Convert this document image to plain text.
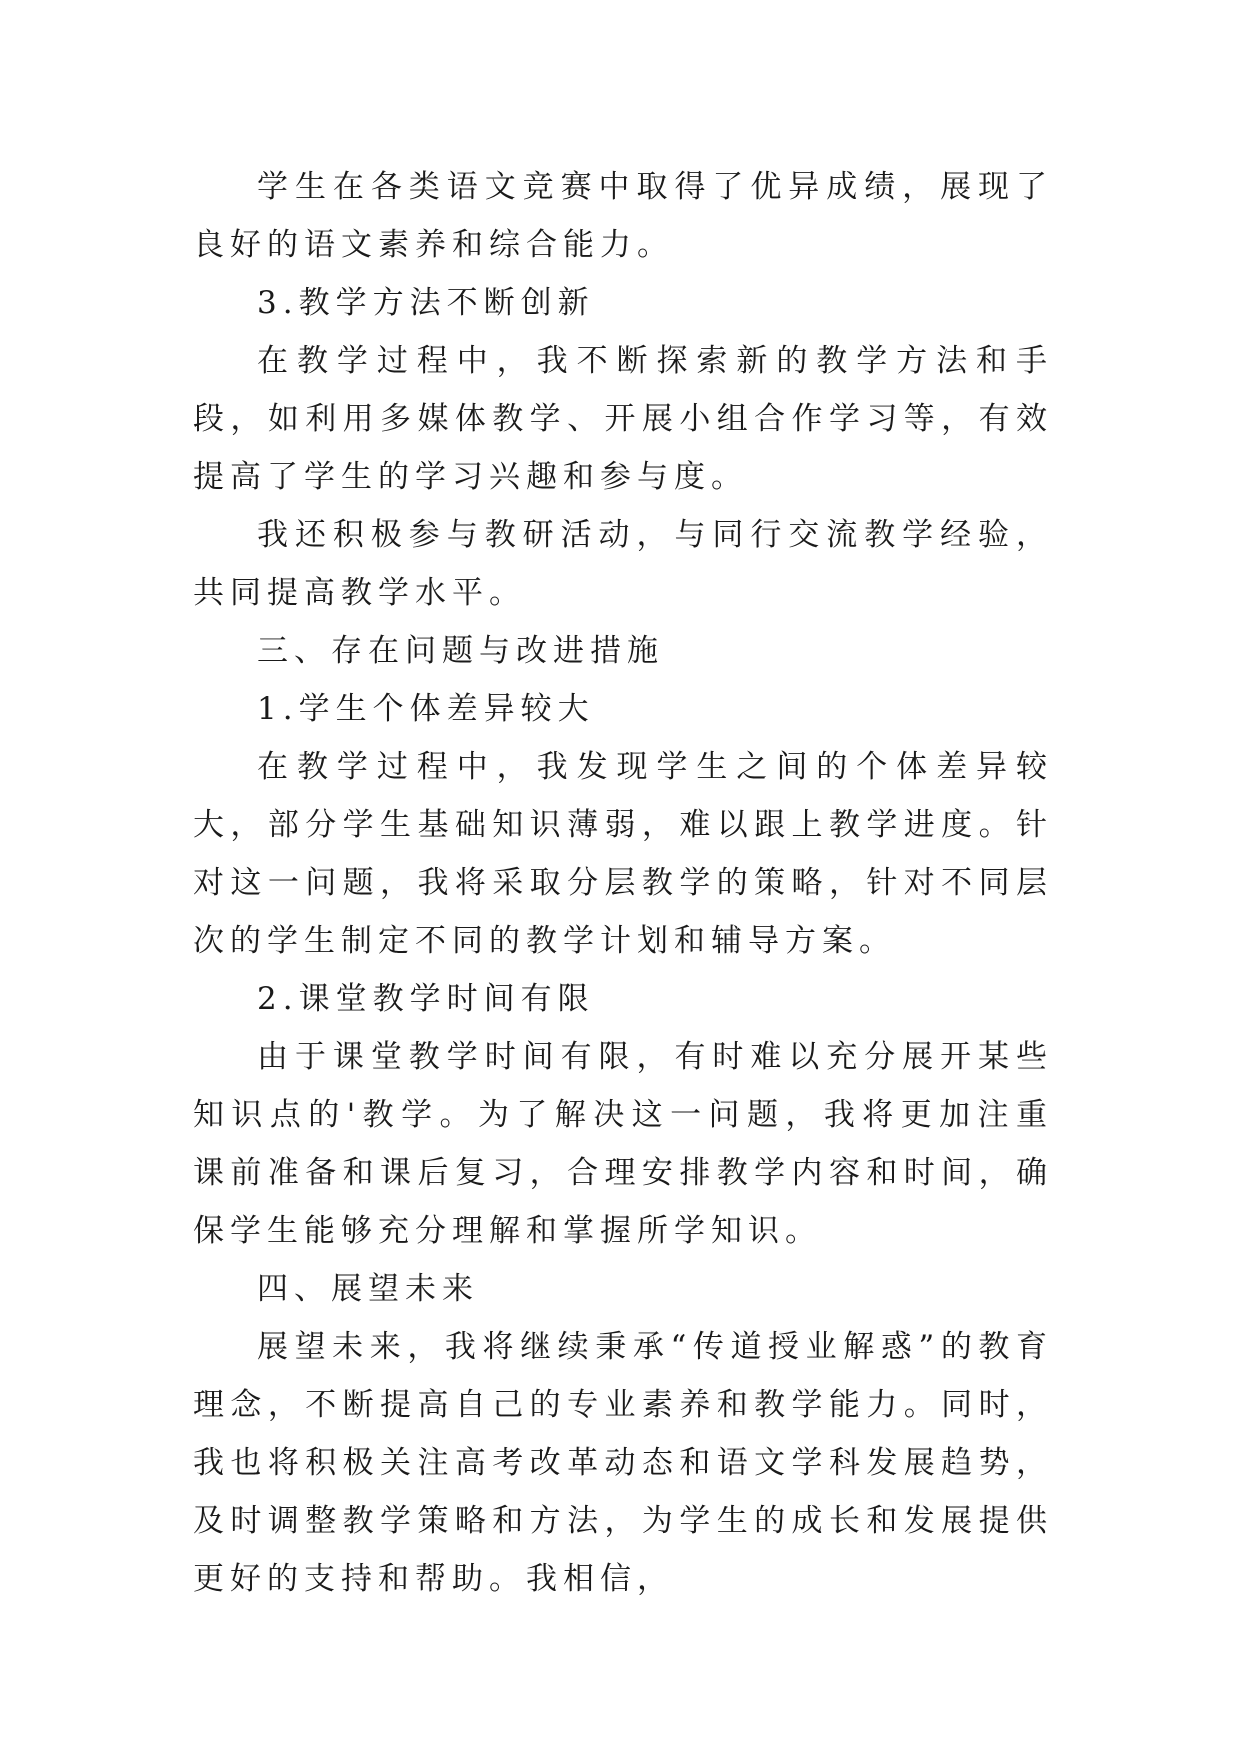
学生在各类语文竞赛中取得了优异成绩，展现了良好的语文素养和综合能力。

3.教学方法不断创新

在教学过程中，我不断探索新的教学方法和手段，如利用多媒体教学、开展小组合作学习等，有效提高了学生的学习兴趣和参与度。

我还积极参与教研活动，与同行交流教学经验，共同提高教学水平。

三、存在问题与改进措施

1.学生个体差异较大

在教学过程中，我发现学生之间的个体差异较大，部分学生基础知识薄弱，难以跟上教学进度。针对这一问题，我将采取分层教学的策略，针对不同层次的学生制定不同的教学计划和辅导方案。

2.课堂教学时间有限

由于课堂教学时间有限，有时难以充分展开某些知识点的'教学。为了解决这一问题，我将更加注重课前准备和课后复习，合理安排教学内容和时间，确保学生能够充分理解和掌握所学知识。

四、展望未来

展望未来，我将继续秉承“传道授业解惑”的教育理念，不断提高自己的专业素养和教学能力。同时，我也将积极关注高考改革动态和语文学科发展趋势，及时调整教学策略和方法，为学生的成长和发展提供更好的支持和帮助。我相信，
